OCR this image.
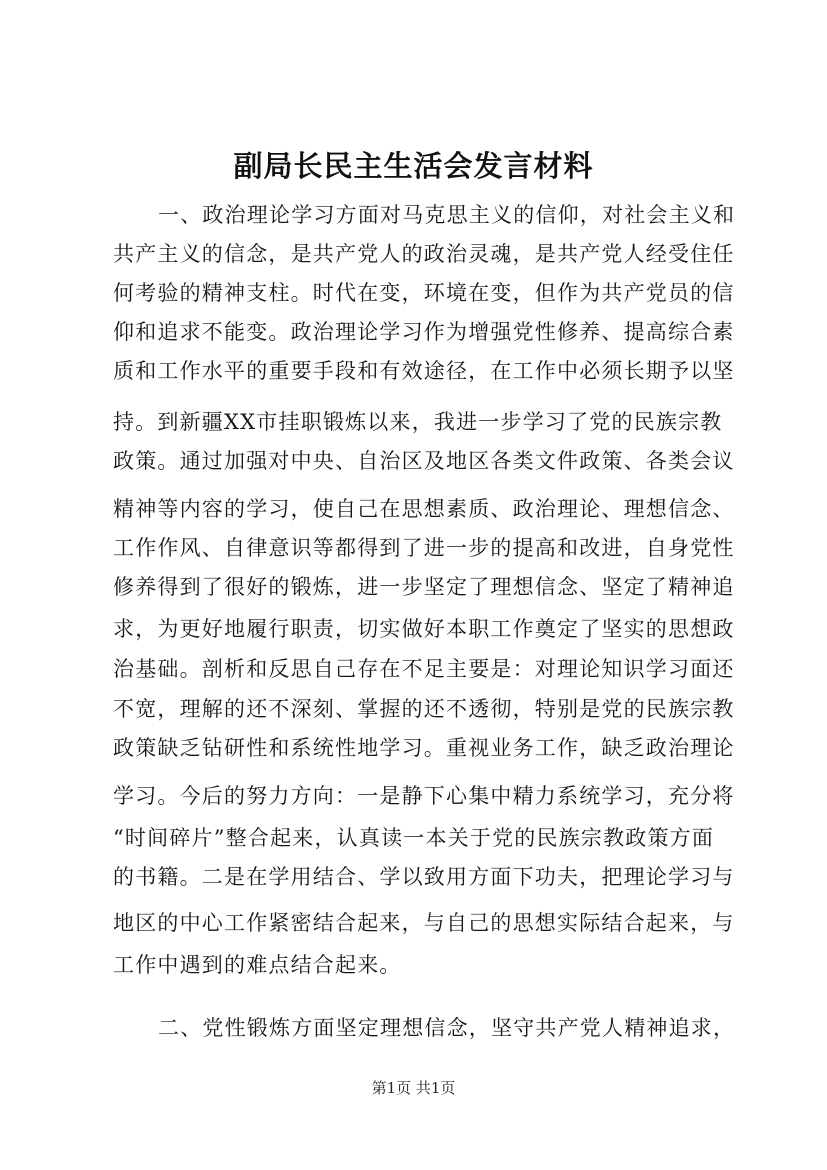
副局长民主生活会发言材料
一、政治理论学习方面对马克思主义的信仰，对社会主义和
共产主义的信念，是共产党人的政治灵魂，是共产党人经受住任
何考验的精神支柱。时代在变，环境在变，但作为共产党员的信
仰和追求不能变。政治理论学习作为增强党性修养、提高综合素
质和工作水平的重要手段和有效途径，在工作中必须长期予以坚
持。到新疆XX市挂职锻炼以来，我进一步学习了党的民族宗教
政策。通过加强对中央、自治区及地区各类文件政策、各类会议
精神等内容的学习，使自己在思想素质、政治理论、理想信念、
工作作风、自律意识等都得到了进一步的提高和改进，自身党性
修养得到了很好的锻炼，进一步坚定了理想信念、坚定了精神追
求，为更好地履行职责，切实做好本职工作奠定了坚实的思想政
治基础。剖析和反思自己存在不足主要是：对理论知识学习面还
不宽，理解的还不深刻、掌握的还不透彻，特别是党的民族宗教
政策缺乏钻研性和系统性地学习。重视业务工作，缺乏政治理论
学习。今后的努力方向：一是静下心集中精力系统学习，充分将
“时间碎片”整合起来，认真读一本关于党的民族宗教政策方面
的书籍。二是在学用结合、学以致用方面下功夫，把理论学习与
地区的中心工作紧密结合起来，与自己的思想实际结合起来，与
工作中遇到的难点结合起来。
二、党性锻炼方面坚定理想信念，坚守共产党人精神追求，
第1页 共1页
